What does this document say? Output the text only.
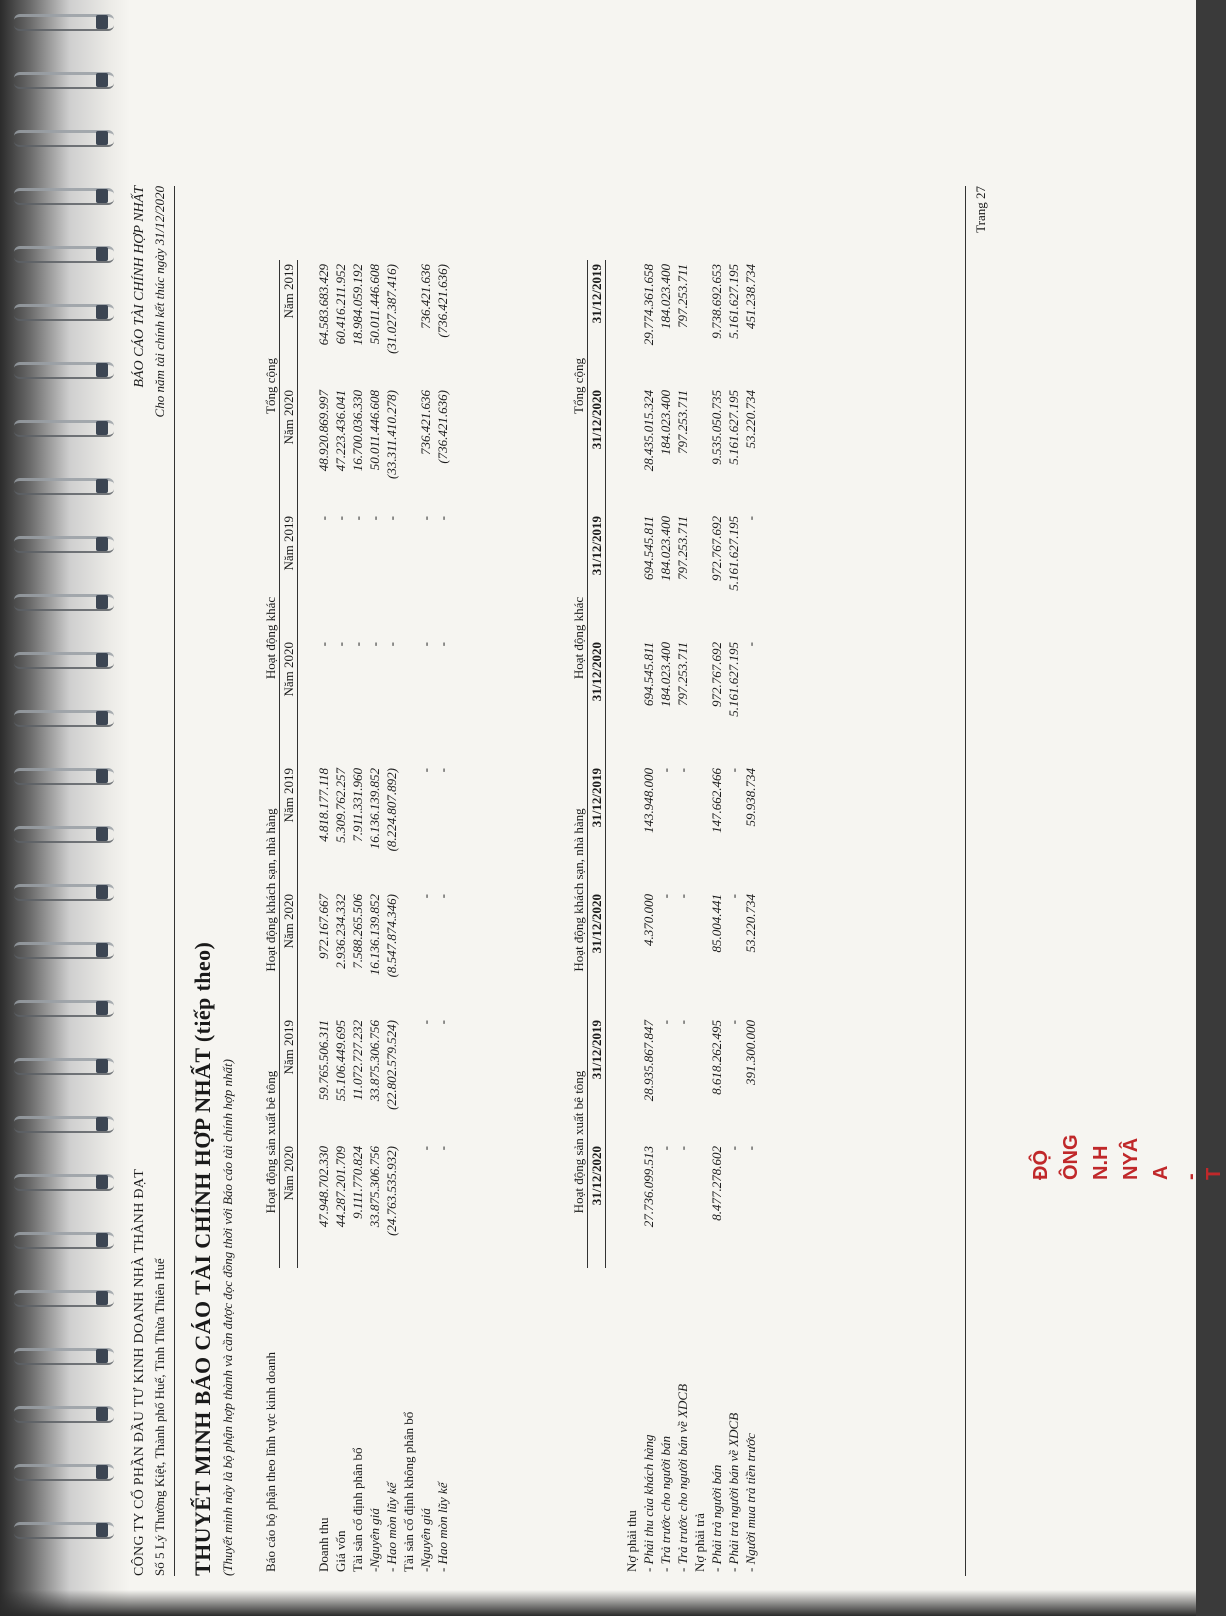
CÔNG TY CỔ PHẦN ĐẦU TƯ KINH DOANH NHÀ THÀNH ĐẠT Số 5 Lý Thường Kiệt, Thành phố Huế, Tỉnh Thừa Thiên Huế
BÁO CÁO TÀI CHÍNH HỢP NHẤT Cho năm tài chính kết thúc ngày 31/12/2020
THUYẾT MINH BÁO CÁO TÀI CHÍNH HỢP NHẤT (tiếp theo) (Thuyết minh này là bộ phận hợp thành và cần được đọc đồng thời với Báo cáo tài chính hợp nhất) Báo cáo bộ phận theo lĩnh vực kinh doanh	Hoạt động sản xuất bê tông		Hoạt động khách sạn, nhà hàng		Hoạt động khác		Tổng cộng	
	Năm 2020	Năm 2019	Năm 2020	Năm 2019	Năm 2020	Năm 2019	Năm 2020	Năm 2019

Doanh thu	47.948.702.330	59.765.506.311	972.167.667	4.818.177.118	-	-	48.920.869.997	64.583.683.429
Giá vốn	44.287.201.709	55.106.449.695	2.936.234.332	5.309.762.257	-	-	47.223.436.041	60.416.211.952
Tài sản cố định phân bổ	9.111.770.824	11.072.727.232	7.588.265.506	7.911.331.960	-	-	16.700.036.330	18.984.059.192
-Nguyên giá	33.875.306.756	33.875.306.756	16.136.139.852	16.136.139.852	-	-	50.011.446.608	50.011.446.608
- Hao mòn lũy kế	(24.763.535.932)	(22.802.579.524)	(8.547.874.346)	(8.224.807.892)	-	-	(33.311.410.278)	(31.027.387.416)
Tài sản cố định không phân bổ								
-Nguyên giá	-	-	-	-	-	-	736.421.636	736.421.636
- Hao mòn lũy kế	-	-	-	-	-	-	(736.421.636)	(736.421.636)
	Hoạt động sản xuất bê tông		Hoạt động khách sạn, nhà hàng		Hoạt động khác		Tổng cộng	
	31/12/2020	31/12/2019	31/12/2020	31/12/2019	31/12/2020	31/12/2019	31/12/2020	31/12/2019

Nợ phải thu								
- Phải thu của khách hàng	27.736.099.513	28.935.867.847	4.370.000	143.948.000	694.545.811	694.545.811	28.435.015.324	29.774.361.658
- Trả trước cho người bán	-	-	-	-	184.023.400	184.023.400	184.023.400	184.023.400
- Trả trước cho người bán về XDCB	-	-	-	-	797.253.711	797.253.711	797.253.711	797.253.711
Nợ phải trả								
- Phải trả người bán	8.477.278.602	8.618.262.495	85.004.441	147.662.466	972.767.692	972.767.692	9.535.050.735	9.738.692.653
- Phải trả người bán về XDCB	-	-	-	-	5.161.627.195	5.161.627.195	5.161.627.195	5.161.627.195
- Người mua trả tiền trước	-	391.300.000	53.220.734	59.938.734	-	-	53.220.734	451.238.734
Trang 27
ĐỘ ÔNG N.H NYÂ A - T
